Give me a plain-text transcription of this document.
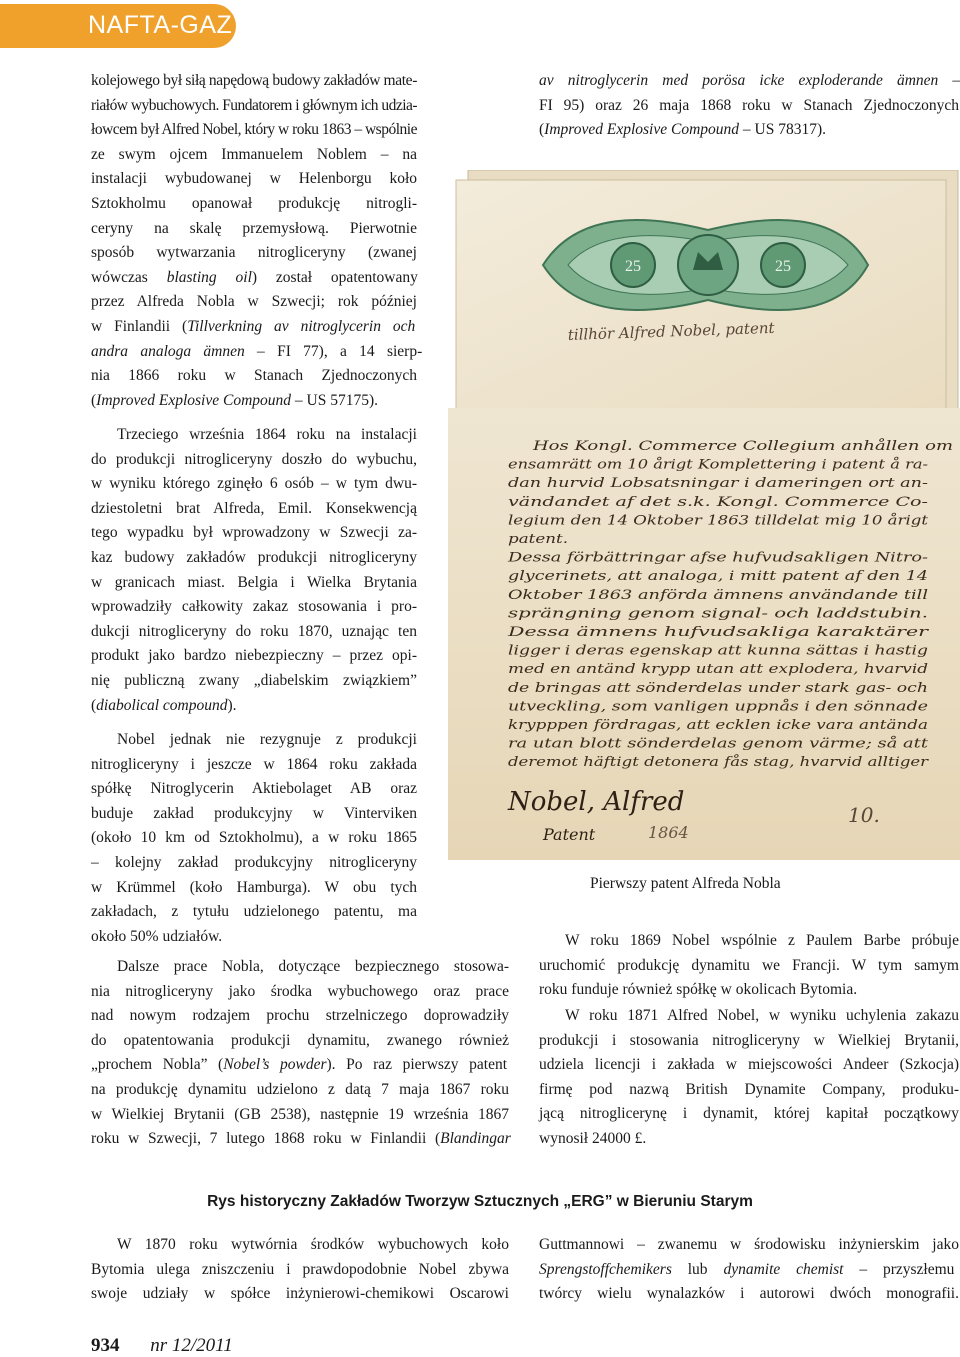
NAFTA-GAZ
kolejowego był siłą napędową budowy zakładów mate-
riałów wybuchowych. Fundatorem i głównym ich udzia-
łowcem był Alfred Nobel, który w roku 1863 – wspólnie
ze swym ojcem Immanuelem Noblem – na
instalacji wybudowanej w Helenborgu koło
Sztokholmu opanował produkcję nitrogli-
ceryny na skalę przemysłową. Pierwotnie
sposób wytwarzania nitrogliceryny (zwanej
wówczas blasting oil) został opatentowany
przez Alfreda Nobla w Szwecji; rok później
w Finlandii (Tillverkning av nitroglycerin och
andra analoga ämnen – FI 77), a 14 sierp-
nia 1866 roku w Stanach Zjednoczonych
(Improved Explosive Compound – US 57175).
Trzeciego września 1864 roku na instalacji
do produkcji nitrogliceryny doszło do wybuchu,
w wyniku którego zginęło 6 osób – w tym dwu-
dziestoletni brat Alfreda, Emil. Konsekwencją
tego wypadku był wprowadzony w Szwecji za-
kaz budowy zakładów produkcji nitrogliceryny
w granicach miast. Belgia i Wielka Brytania
wprowadziły całkowity zakaz stosowania i pro-
dukcji nitrogliceryny do roku 1870, uznając ten
produkt jako bardzo niebezpieczny – przez opi-
nię publiczną zwany „diabelskim związkiem”
(diabolical compound).
Nobel jednak nie rezygnuje z produkcji
nitrogliceryny i jeszcze w 1864 roku zakłada
spółkę Nitroglycerin Aktiebolaget AB oraz
buduje zakład produkcyjny w Vinterviken
(około 10 km od Sztokholmu), a w roku 1865
– kolejny zakład produkcyjny nitrogliceryny
w Krümmel (koło Hamburga). W obu tych
zakładach, z tytułu udzielonego patentu, ma
około 50% udziałów.
Dalsze prace Nobla, dotyczące bezpiecznego stosowa-
nia nitrogliceryny jako środka wybuchowego oraz prace
nad nowym rodzajem prochu strzelniczego doprowadziły
do opatentowania produkcji dynamitu, zwanego również
„prochem Nobla” (Nobel’s powder). Po raz pierwszy patent
na produkcję dynamitu udzielono z datą 7 maja 1867 roku
w Wielkiej Brytanii (GB 2538), następnie 19 września 1867
roku w Szwecji, 7 lutego 1868 roku w Finlandii (Blandingar
av nitroglycerin med porösa icke exploderande ämnen –
FI 95) oraz 26 maja 1868 roku w Stanach Zjednoczonych
(Improved Explosive Compound – US 78317).
25	25
tillhör Alfred Nobel, patent
Hos Kongl. Commerce Collegium anhållen om
ensamrätt om 10 årigt Komplettering i patent å ra-
dan hurvid Lobsatsningar i dameringen ort an-
vändandet af det s.k. Kongl. Commerce Co-
legium den 14 Oktober 1863 tilldelat mig 10 årigt
patent.
Dessa förbättringar afse hufvudsakligen Nitro-
glycerinets, att analoga, i mitt patent af den 14
Oktober 1863 anförda ämnens användande till
sprängning genom signal- och laddstubin.
Dessa ämnens hufvudsakliga karaktärer
ligger i deras egenskap att kunna sättas i hastig
med en antänd krypp utan att explodera, hvarvid
de bringas att sönderdelas under stark gas- och
utveckling, som vanligen uppnås i den sönnade
krypppen fördragas, att ecklen icke vara antända
ra utan blott sönderdelas genom värme; så att
deremot häftigt detonera fås stag, hvarvid alltiger
Nobel, Alfred
Patent	1864
10.
Pierwszy patent Alfreda Nobla
W roku 1869 Nobel wspólnie z Paulem Barbe próbuje
uruchomić produkcję dynamitu we Francji. W tym samym
roku funduje również spółkę w okolicach Bytomia.
W roku 1871 Alfred Nobel, w wyniku uchylenia zakazu
produkcji i stosowania nitrogliceryny w Wielkiej Brytanii,
udziela licencji i zakłada w miejscowości Andeer (Szkocja)
firmę pod nazwą British Dynamite Company, produku-
jącą nitroglicerynę i dynamit, której kapitał początkowy
wynosił 24000 £.
Rys historyczny Zakładów Tworzyw Sztucznych „ERG” w Bieruniu Starym
W 1870 roku wytwórnia środków wybuchowych koło
Bytomia ulega zniszczeniu i prawdopodobnie Nobel zbywa
swoje udziały w spółce inżynierowi-chemikowi Oscarowi
Guttmannowi – zwanemu w środowisku inżynierskim jako
Sprengstoffchemikers lub dynamite chemist – przyszłemu
twórcy wielu wynalazków i autorowi dwóch monografii.
934 nr 12/2011
